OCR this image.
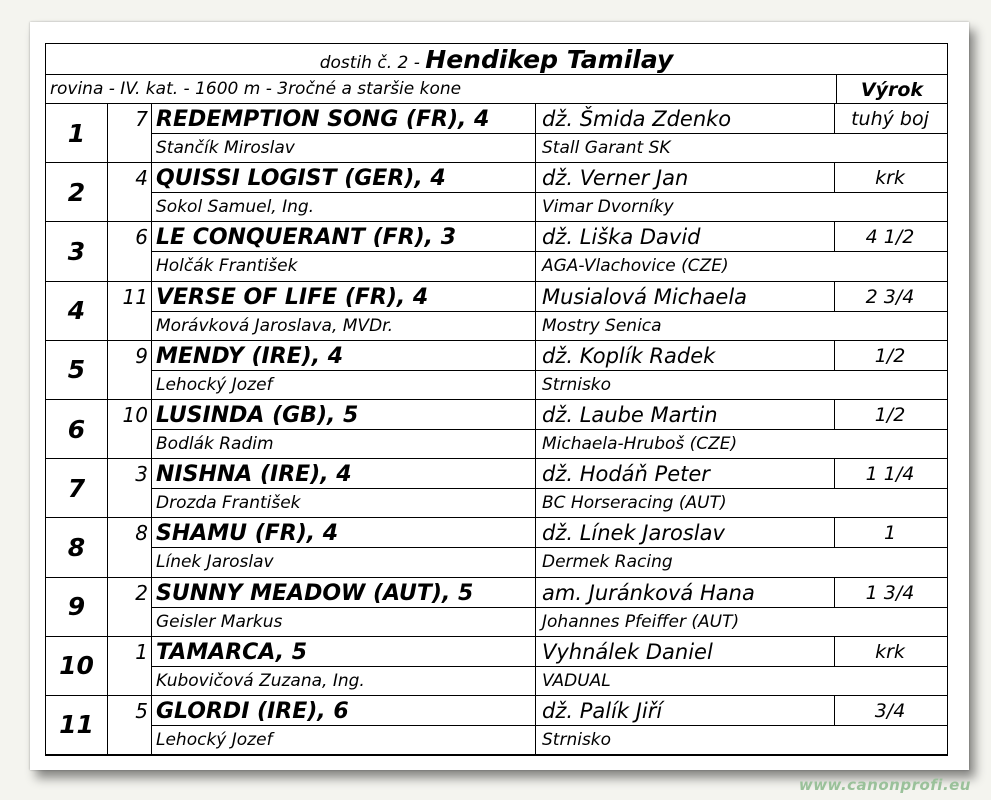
dostih č. 2 - Hendikep Tamilay
rovina - IV. kat. - 1600 m - 3ročné a staršie kone	Výrok
1	7 REDEMPTION SONG (FR), 4	dž. Šmida Zdenko	tuhý boj
Stančík Miroslav	Stall Garant SK
2	4 QUISSI LOGIST (GER), 4	dž. Verner Jan	krk
Sokol Samuel, Ing.	Vimar Dvorníky
3	6 LE CONQUERANT (FR), 3	dž. Liška David	4 1/2
Holčák František	AGA-Vlachovice (CZE)
4	11 VERSE OF LIFE (FR), 4	Musialová Michaela	2 3/4
Morávková Jaroslava, MVDr.	Mostry Senica
5	9 MENDY (IRE), 4	dž. Koplík Radek	1/2
Lehocký Jozef	Strnisko
6	10 LUSINDA (GB), 5	dž. Laube Martin	1/2
Bodlák Radim	Michaela-Hruboš (CZE)
7	3 NISHNA (IRE), 4	dž. Hodáň Peter	1 1/4
Drozda František	BC Horseracing (AUT)
8	8 SHAMU (FR), 4	dž. Línek Jaroslav	1
Línek Jaroslav	Dermek Racing
9	2 SUNNY MEADOW (AUT), 5	am. Juránková Hana	1 3/4
Geisler Markus	Johannes Pfeiffer (AUT)
10	1 TAMARCA, 5	Vyhnálek Daniel	krk
Kubovičová Zuzana, Ing.	VADUAL
11	5 GLORDI (IRE), 6	dž. Palík Jiří	3/4
Lehocký Jozef	Strnisko
www.canonprofi.eu
